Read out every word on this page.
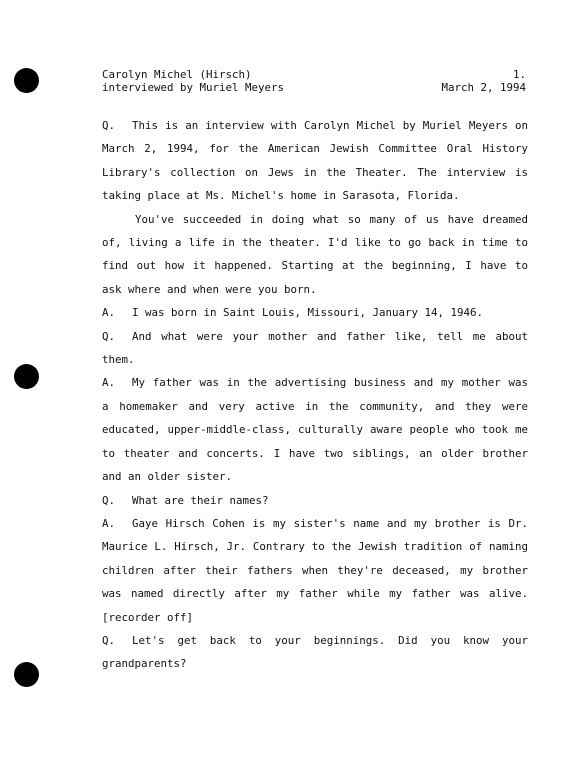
Carolyn Michel (Hirsch)	1.
interviewed by Muriel Meyers	March 2, 1994

Q. This is an interview with Carolyn Michel by Muriel Meyers on March 2, 1994, for the American Jewish Committee Oral History Library's collection on Jews in the Theater. The interview is taking place at Ms. Michel's home in Sarasota, Florida.

You've succeeded in doing what so many of us have dreamed of, living a life in the theater. I'd like to go back in time to find out how it happened. Starting at the beginning, I have to ask where and when were you born.

A. I was born in Saint Louis, Missouri, January 14, 1946.

Q. And what were your mother and father like, tell me about them.

A. My father was in the advertising business and my mother was a homemaker and very active in the community, and they were educated, upper-middle-class, culturally aware people who took me to theater and concerts. I have two siblings, an older brother and an older sister.

Q. What are their names?

A. Gaye Hirsch Cohen is my sister's name and my brother is Dr. Maurice L. Hirsch, Jr. Contrary to the Jewish tradition of naming children after their fathers when they're deceased, my brother was named directly after my father while my father was alive. [recorder off]

Q. Let's get back to your beginnings. Did you know your grandparents?
